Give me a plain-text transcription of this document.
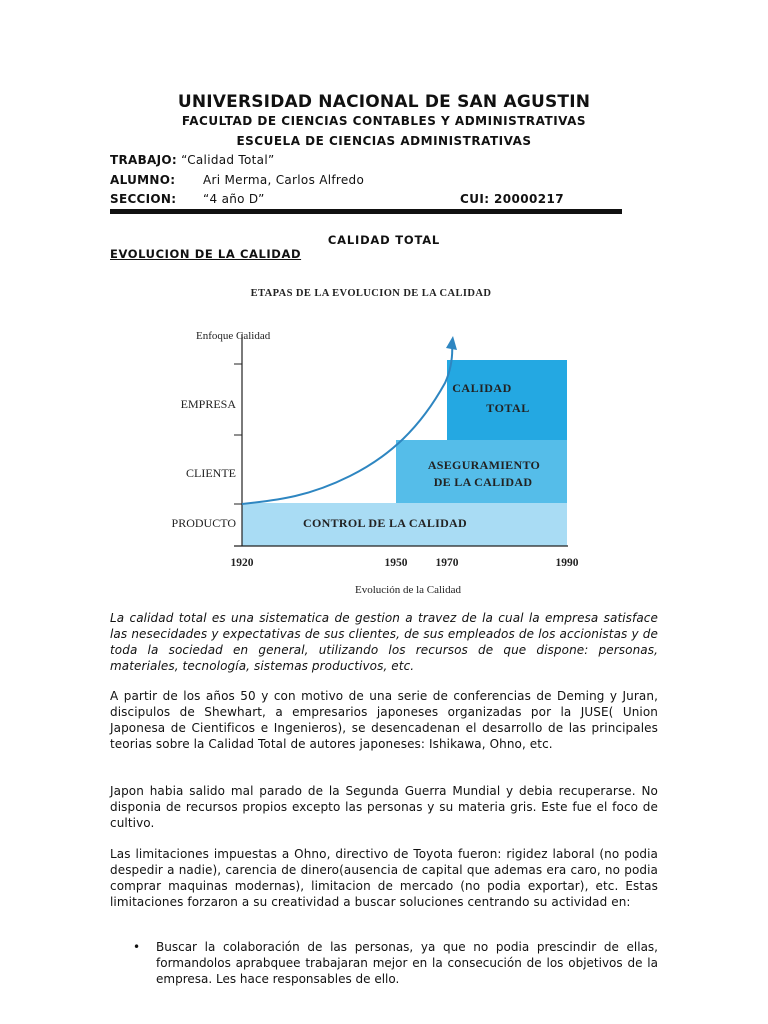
UNIVERSIDAD NACIONAL DE SAN AGUSTIN
FACULTAD DE CIENCIAS CONTABLES Y ADMINISTRATIVAS
ESCUELA DE CIENCIAS ADMINISTRATIVAS
TRABAJO: “Calidad Total”
ALUMNO: Ari Merma, Carlos Alfredo
SECCION: “4 año D”	CUI: 20000217
CALIDAD TOTAL
EVOLUCION DE LA CALIDAD
ETAPAS DE LA EVOLUCION DE LA CALIDAD
Enfoque Calidad
CALIDAD
TOTAL
ASEGURAMIENTO
DE LA CALIDAD
CONTROL DE LA CALIDAD
EMPRESA
CLIENTE
PRODUCTO
1920	1950 1970	1990
Evolución de la Calidad
La calidad total es una sistematica de gestion a travez de la cual la empresa satisface las nesecidades y expectativas de sus clientes, de sus empleados de los accionistas y de toda la sociedad en general, utilizando los recursos de que dispone: personas, materiales, tecnología, sistemas productivos, etc.
A partir de los años 50 y con motivo de una serie de conferencias de Deming y Juran, discipulos de Shewhart, a empresarios japoneses organizadas por la JUSE( Union Japonesa de Cientificos e Ingenieros), se desencadenan el desarrollo de las principales teorias sobre la Calidad Total de autores japoneses: Ishikawa, Ohno, etc.
Japon habia salido mal parado de la Segunda Guerra Mundial y debia recuperarse. No disponia de recursos propios excepto las personas y su materia gris. Este fue el foco de cultivo.
Las limitaciones impuestas a Ohno, directivo de Toyota fueron: rigidez laboral (no podia despedir a nadie), carencia de dinero(ausencia de capital que ademas era caro, no podia comprar maquinas modernas), limitacion de mercado (no podia exportar), etc. Estas limitaciones forzaron a su creatividad a buscar soluciones centrando su actividad en:
• Buscar la colaboración de las personas, ya que no podia prescindir de ellas, formandolos aprabquee trabajaran mejor en la consecución de los objetivos de la empresa. Les hace responsables de ello.
